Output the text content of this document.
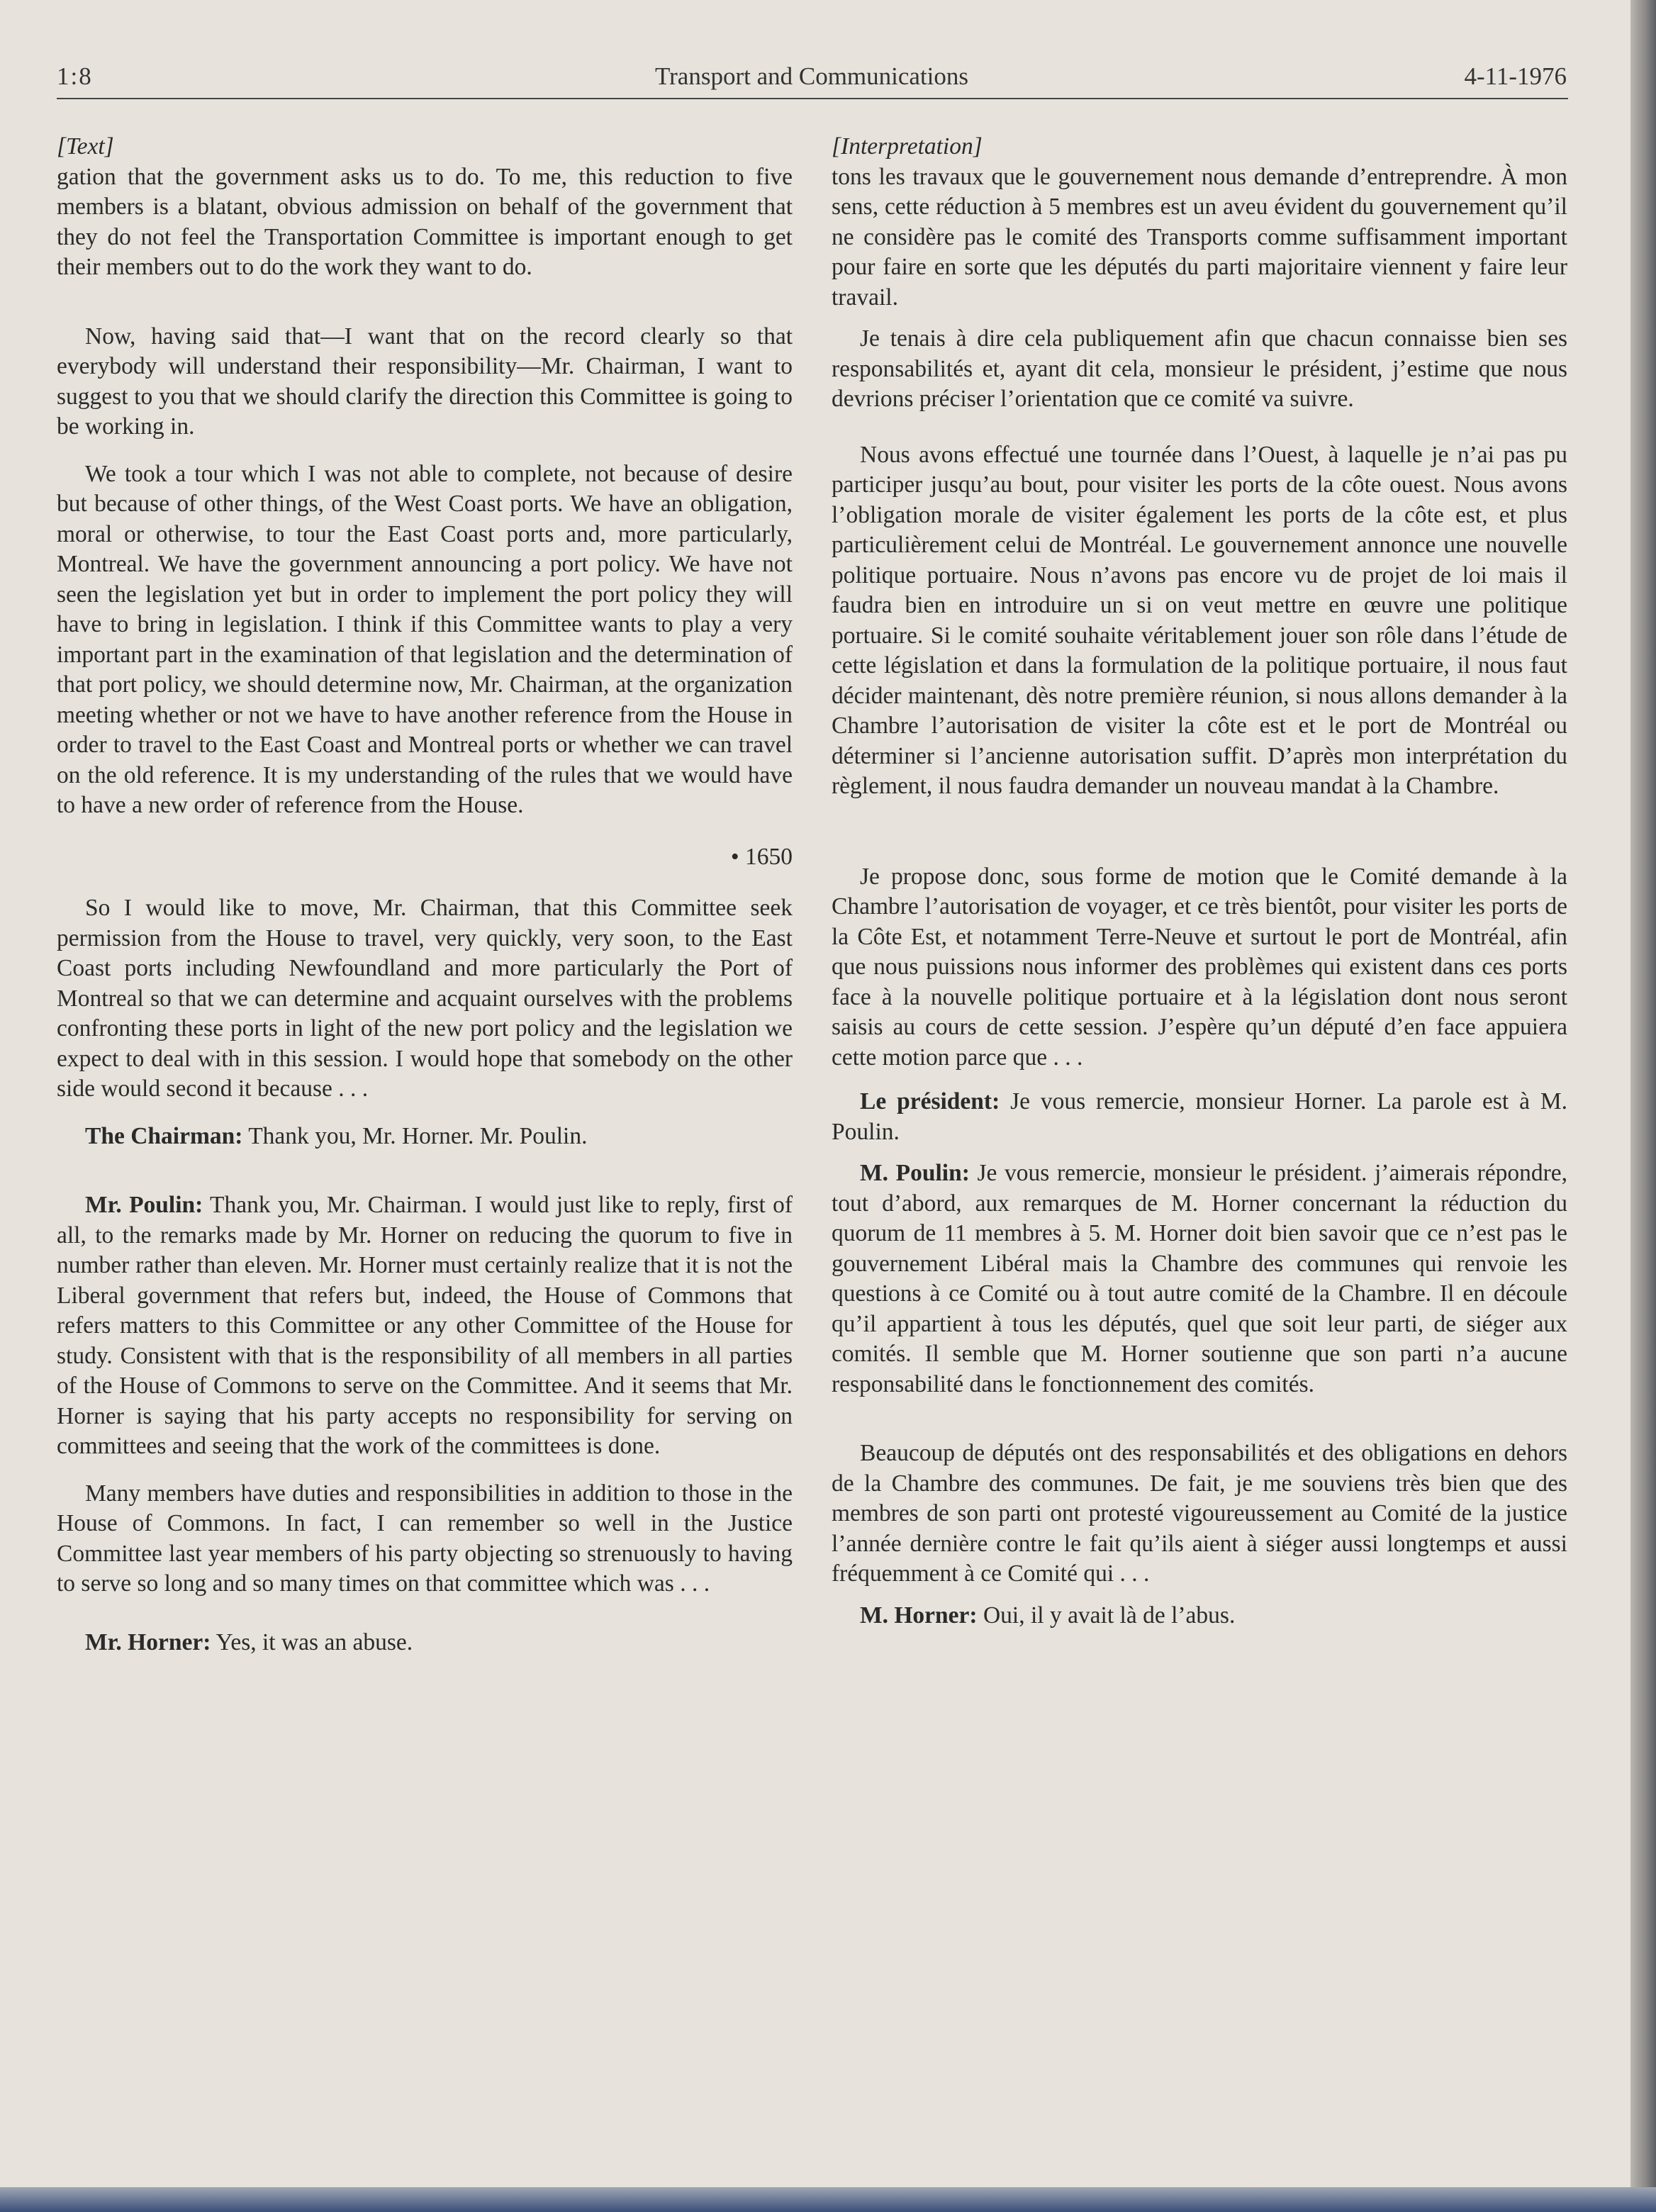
1:8	Transport and Communications	4-11-1976
[Text]

gation that the government asks us to do. To me, this reduction to five members is a blatant, obvious admission on behalf of the government that they do not feel the Transportation Committee is important enough to get their members out to do the work they want to do.

Now, having said that—I want that on the record clearly so that everybody will understand their responsibility—Mr. Chairman, I want to suggest to you that we should clarify the direction this Committee is going to be working in.

We took a tour which I was not able to complete, not because of desire but because of other things, of the West Coast ports. We have an obligation, moral or otherwise, to tour the East Coast ports and, more particularly, Montreal. We have the government announcing a port policy. We have not seen the legislation yet but in order to implement the port policy they will have to bring in legislation. I think if this Committee wants to play a very important part in the examination of that legislation and the determination of that port policy, we should determine now, Mr. Chairman, at the organization meeting whether or not we have to have another reference from the House in order to travel to the East Coast and Montreal ports or whether we can travel on the old reference. It is my understanding of the rules that we would have to have a new order of reference from the House.

• 1650

So I would like to move, Mr. Chairman, that this Committee seek permission from the House to travel, very quickly, very soon, to the East Coast ports including Newfoundland and more particularly the Port of Montreal so that we can determine and acquaint ourselves with the problems confronting these ports in light of the new port policy and the legislation we expect to deal with in this session. I would hope that somebody on the other side would second it because . . .

The Chairman: Thank you, Mr. Horner. Mr. Poulin.

Mr. Poulin: Thank you, Mr. Chairman. I would just like to reply, first of all, to the remarks made by Mr. Horner on reducing the quorum to five in number rather than eleven. Mr. Horner must certainly realize that it is not the Liberal government that refers but, indeed, the House of Commons that refers matters to this Committee or any other Committee of the House for study. Consistent with that is the responsibility of all members in all parties of the House of Commons to serve on the Committee. And it seems that Mr. Horner is saying that his party accepts no responsibility for serving on committees and seeing that the work of the committees is done.

Many members have duties and responsibilities in addition to those in the House of Commons. In fact, I can remember so well in the Justice Committee last year members of his party objecting so strenuously to having to serve so long and so many times on that committee which was . . .

Mr. Horner: Yes, it was an abuse.

[Interpretation]

tons les travaux que le gouvernement nous demande d’entreprendre. À mon sens, cette réduction à 5 membres est un aveu évident du gouvernement qu’il ne considère pas le comité des Transports comme suffisamment important pour faire en sorte que les députés du parti majoritaire viennent y faire leur travail.

Je tenais à dire cela publiquement afin que chacun connaisse bien ses responsabilités et, ayant dit cela, monsieur le président, j’estime que nous devrions préciser l’orientation que ce comité va suivre.

Nous avons effectué une tournée dans l’Ouest, à laquelle je n’ai pas pu participer jusqu’au bout, pour visiter les ports de la côte ouest. Nous avons l’obligation morale de visiter également les ports de la côte est, et plus particulièrement celui de Montréal. Le gouvernement annonce une nouvelle politique portuaire. Nous n’avons pas encore vu de projet de loi mais il faudra bien en introduire un si on veut mettre en œuvre une politique portuaire. Si le comité souhaite véritablement jouer son rôle dans l’étude de cette législation et dans la formulation de la politique portuaire, il nous faut décider maintenant, dès notre première réunion, si nous allons demander à la Chambre l’autorisation de visiter la côte est et le port de Montréal ou déterminer si l’ancienne autorisation suffit. D’après mon interprétation du règlement, il nous faudra demander un nouveau mandat à la Chambre.

Je propose donc, sous forme de motion que le Comité demande à la Chambre l’autorisation de voyager, et ce très bientôt, pour visiter les ports de la Côte Est, et notamment Terre-Neuve et surtout le port de Montréal, afin que nous puissions nous informer des problèmes qui existent dans ces ports face à la nouvelle politique portuaire et à la législation dont nous seront saisis au cours de cette session. J’espère qu’un député d’en face appuiera cette motion parce que . . .

Le président: Je vous remercie, monsieur Horner. La parole est à M. Poulin.

M. Poulin: Je vous remercie, monsieur le président. j’aimerais répondre, tout d’abord, aux remarques de M. Horner concernant la réduction du quorum de 11 membres à 5. M. Horner doit bien savoir que ce n’est pas le gouvernement Libéral mais la Chambre des communes qui renvoie les questions à ce Comité ou à tout autre comité de la Chambre. Il en découle qu’il appartient à tous les députés, quel que soit leur parti, de siéger aux comités. Il semble que M. Horner soutienne que son parti n’a aucune responsabilité dans le fonctionnement des comités.

Beaucoup de députés ont des responsabilités et des obligations en dehors de la Chambre des communes. De fait, je me souviens très bien que des membres de son parti ont protesté vigoureussement au Comité de la justice l’année dernière contre le fait qu’ils aient à siéger aussi longtemps et aussi fréquemment à ce Comité qui . . .

M. Horner: Oui, il y avait là de l’abus.
